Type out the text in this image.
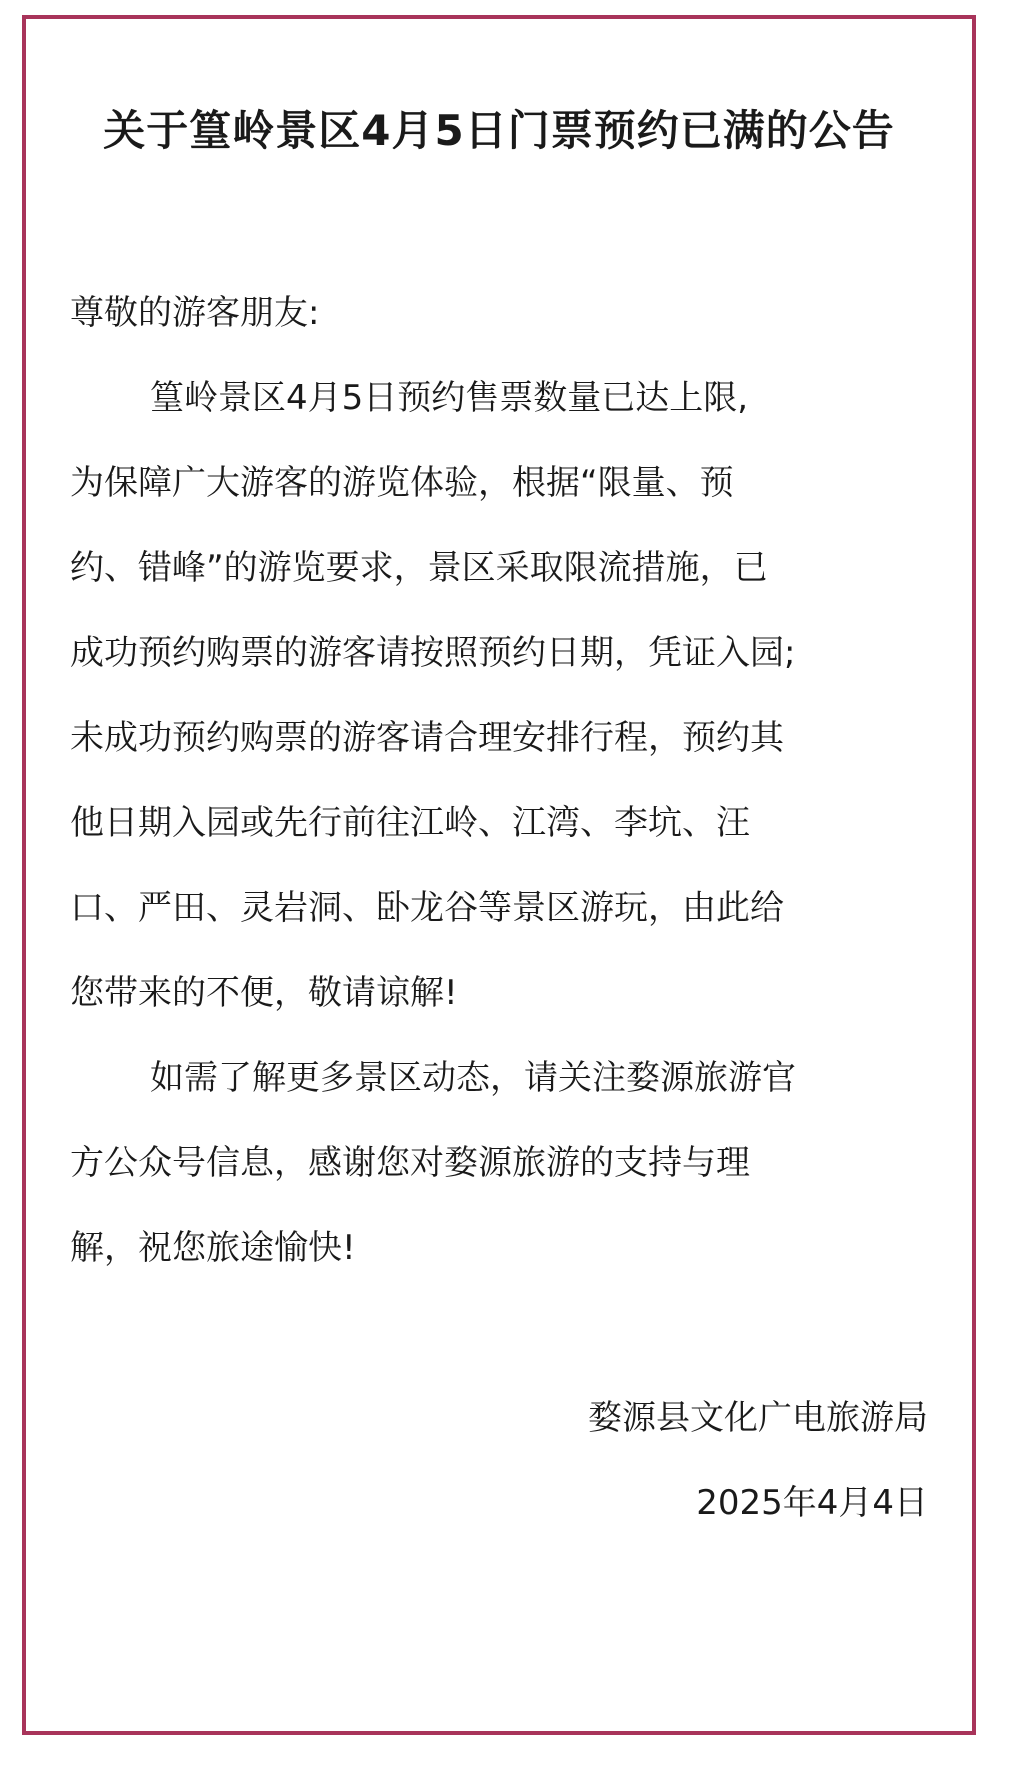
关于篁岭景区4月5日门票预约已满的公告

尊敬的游客朋友:

篁岭景区4月5日预约售票数量已达上限,

为保障广大游客的游览体验，根据“限量、预

约、错峰”的游览要求，景区采取限流措施，已

成功预约购票的游客请按照预约日期，凭证入园;

未成功预约购票的游客请合理安排行程，预约其

他日期入园或先行前往江岭、江湾、李坑、汪

口、严田、灵岩洞、卧龙谷等景区游玩，由此给

您带来的不便，敬请谅解!

如需了解更多景区动态，请关注婺源旅游官

方公众号信息，感谢您对婺源旅游的支持与理

解，祝您旅途愉快!

婺源县文化广电旅游局

2025年4月4日
